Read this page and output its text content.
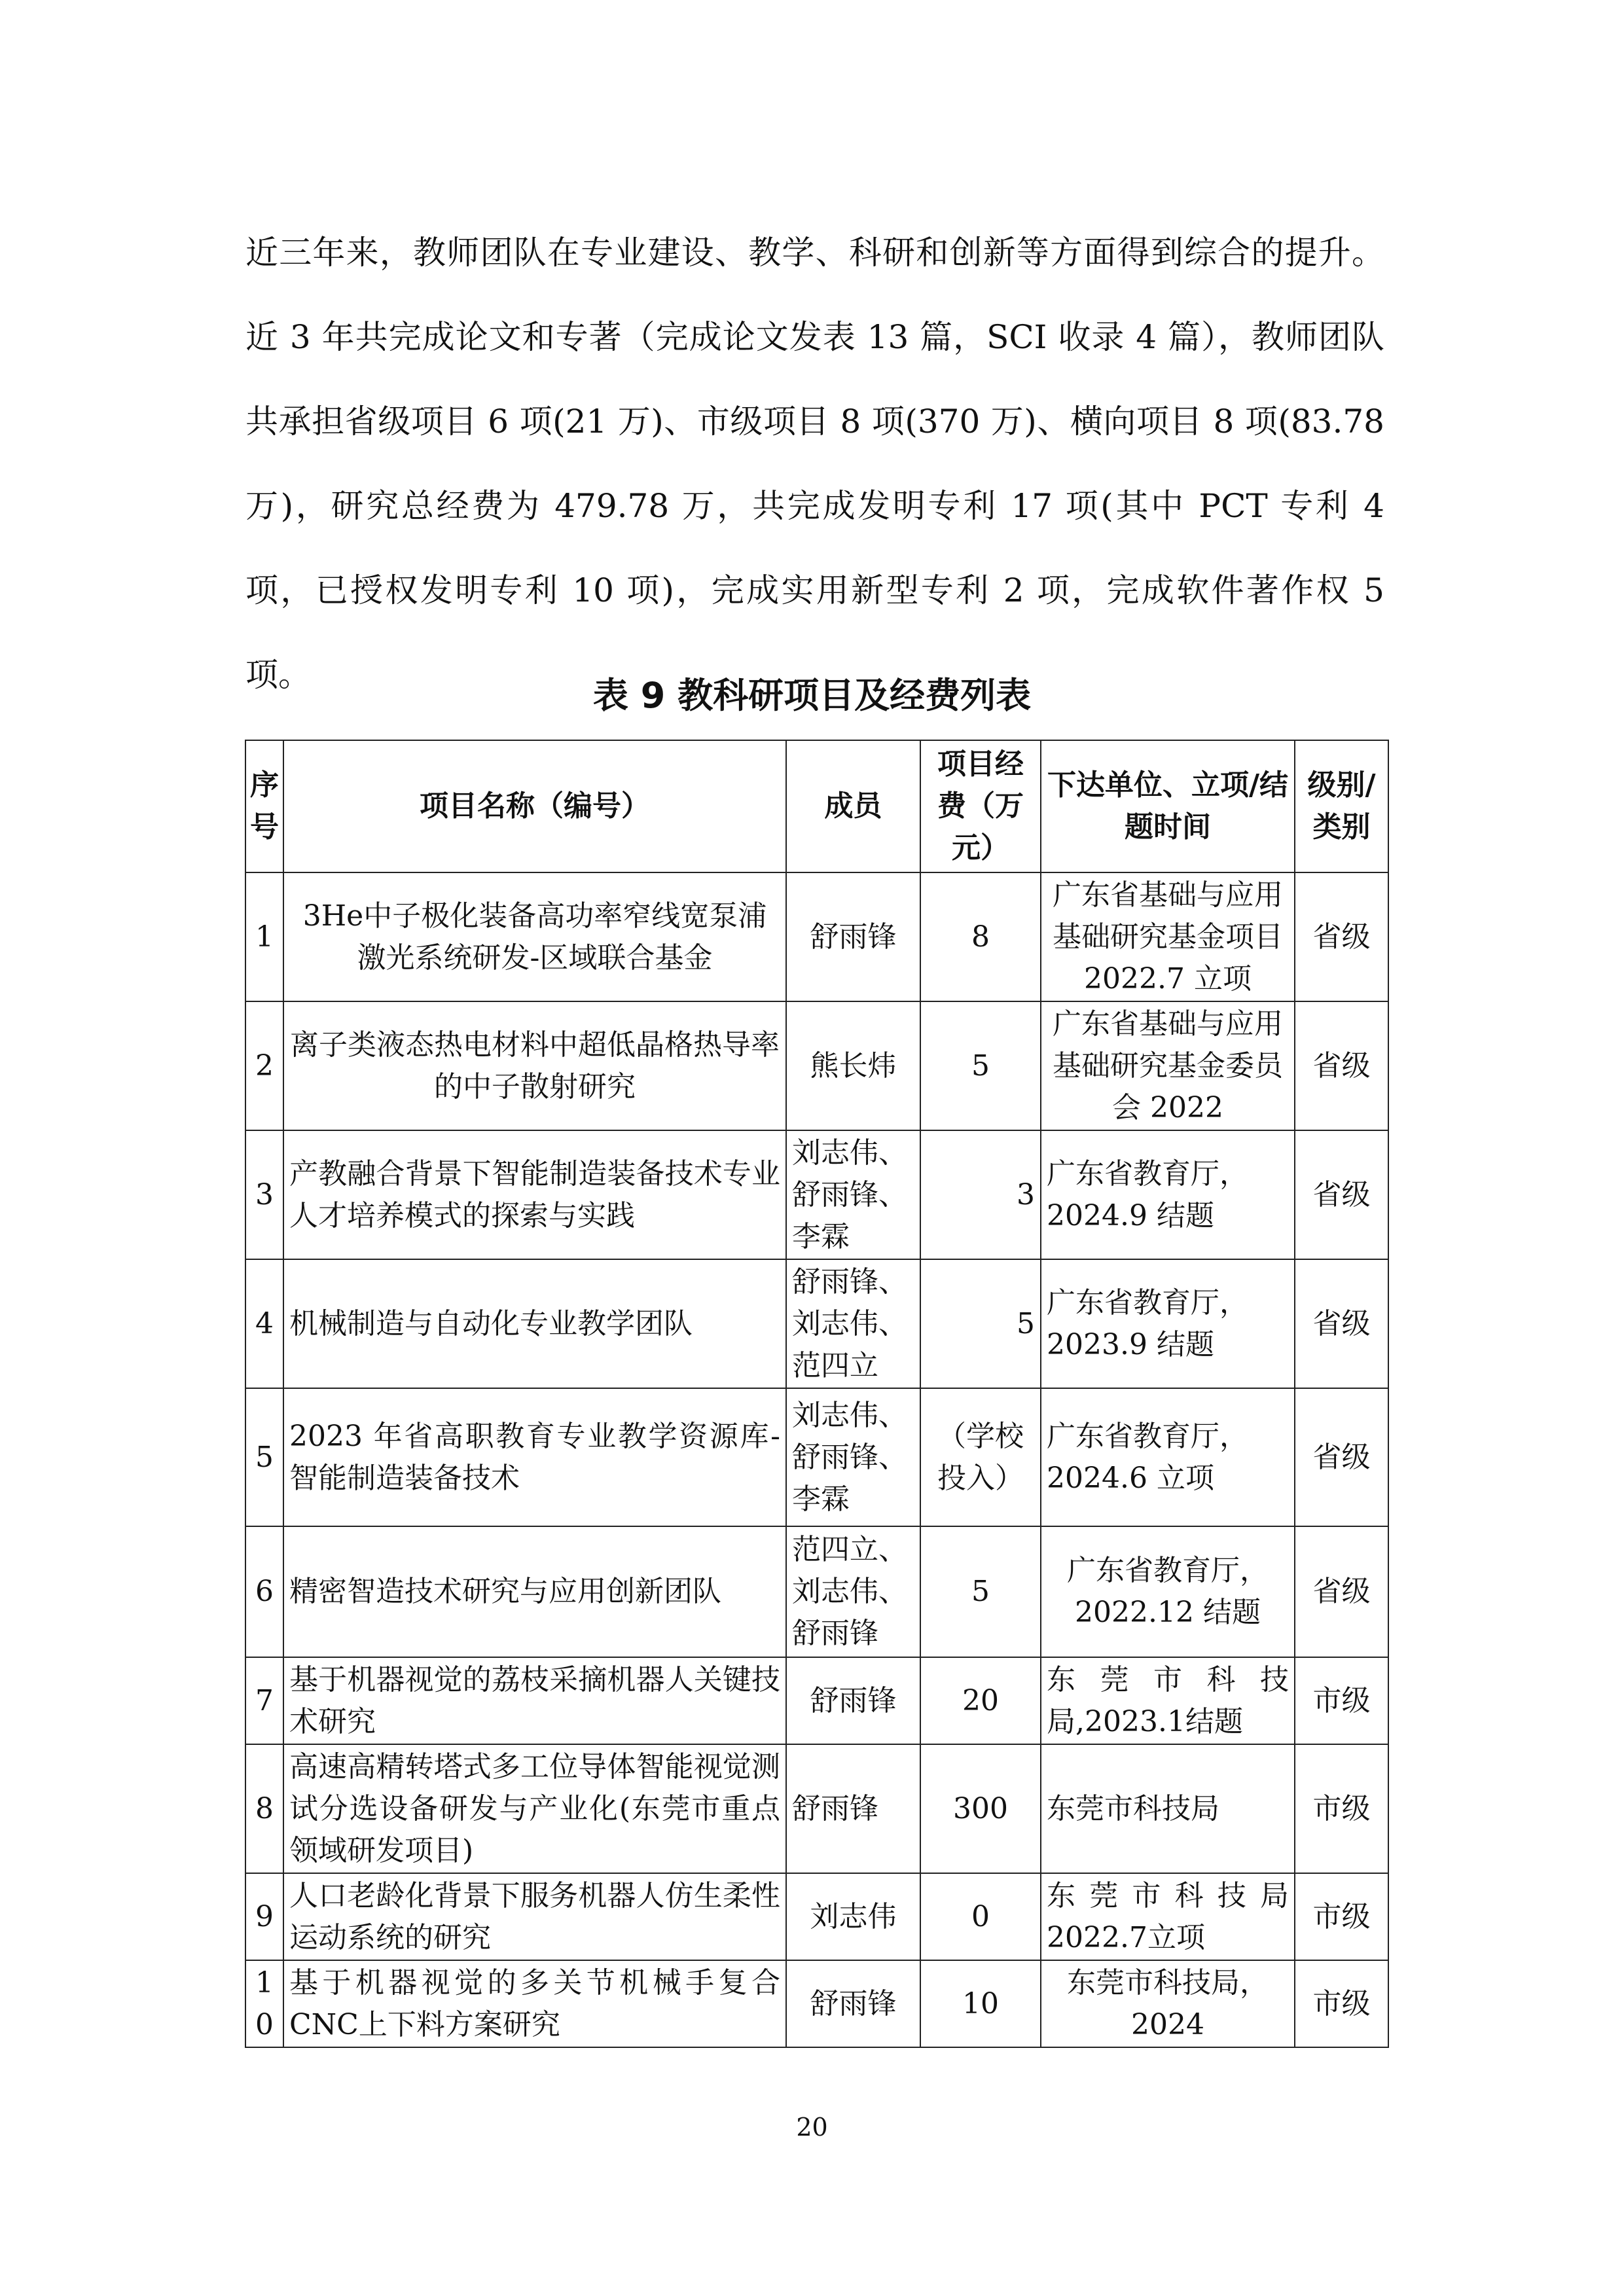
近三年来，教师团队在专业建设、教学、科研和创新等方面得到综合的提升。近 3 年共完成论文和专著（完成论文发表 13 篇，SCI 收录 4 篇），教师团队共承担省级项目 6 项(21 万)、市级项目 8 项(370 万)、横向项目 8 项(83.78 万)，研究总经费为 479.78 万，共完成发明专利 17 项(其中 PCT 专利 4 项，已授权发明专利 10 项)，完成实用新型专利 2 项，完成软件著作权 5 项。	表 9 教科研项目及经费列表
序号	项目名称（编号）	成员	项目经费（万元）	下达单位、立项/结题时间	级别/类别
1	3He中子极化装备高功率窄线宽泵浦激光系统研发-区域联合基金	舒雨锋	8	广东省基础与应用基础研究基金项目 2022.7 立项	省级
2	离子类液态热电材料中超低晶格热导率的中子散射研究	熊长炜	5	广东省基础与应用基础研究基金委员会 2022	省级
3	产教融合背景下智能制造装备技术专业人才培养模式的探索与实践	刘志伟、舒雨锋、李霖	3	广东省教育厅，2024.9 结题	省级
4	机械制造与自动化专业教学团队	舒雨锋、刘志伟、范四立	5	广东省教育厅，2023.9 结题	省级
5	2023 年省高职教育专业教学资源库-智能制造装备技术	刘志伟、舒雨锋、李霖	（学校投入）	广东省教育厅，2024.6 立项	省级
6	精密智造技术研究与应用创新团队	范四立、刘志伟、舒雨锋	5	广东省教育厅，2022.12 结题	省级
7	基于机器视觉的荔枝采摘机器人关键技术研究	舒雨锋	20	东 莞 市 科 技 局,2023.1结题	市级
8	高速高精转塔式多工位导体智能视觉测试分选设备研发与产业化(东莞市重点领域研发项目)	舒雨锋	300	东莞市科技局	市级
9	人口老龄化背景下服务机器人仿生柔性运动系统的研究	刘志伟	0	东 莞 市 科 技 局 2022.7立项	市级
10	基于机器视觉的多关节机械手复合CNC上下料方案研究	舒雨锋	10	东莞市科技局，2024	市级
20
